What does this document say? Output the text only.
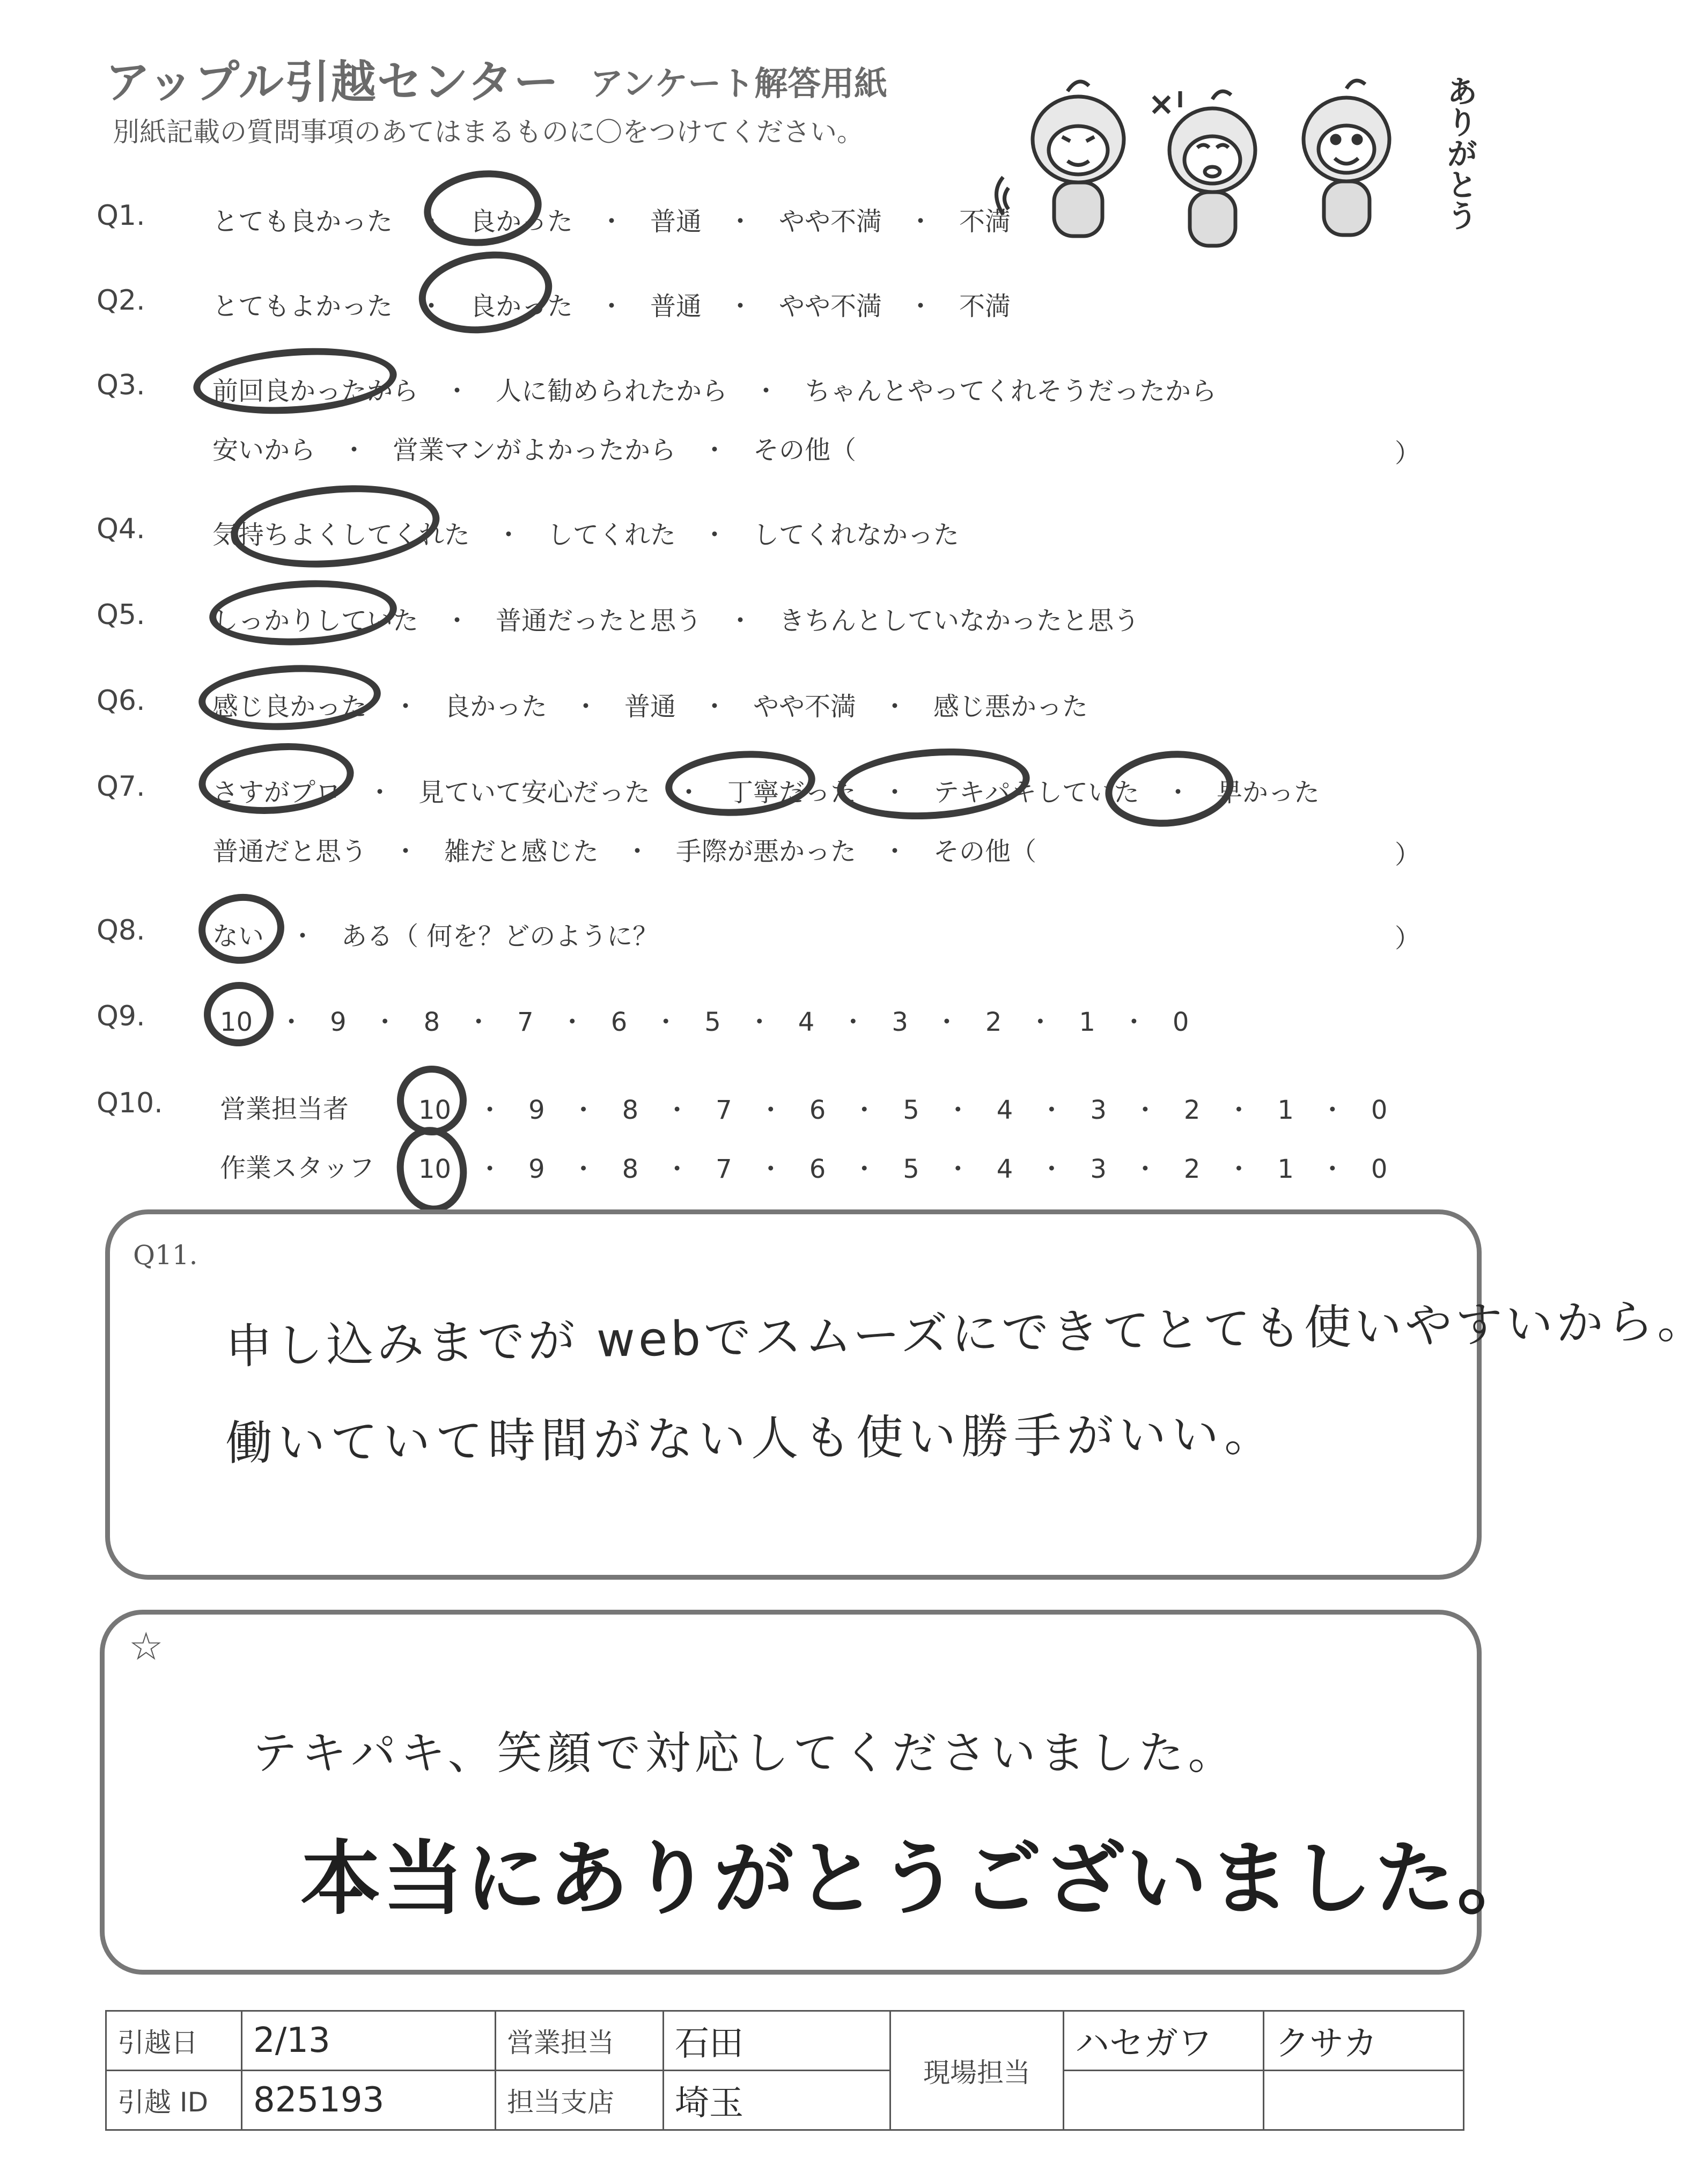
アップル引越センター アンケート解答用紙
別紙記載の質問事項のあてはまるものに〇をつけてください。	ありがとう
Q1.	とても良かった　・　良かった　・　普通　・　やや不満　・　不満
Q2.	とてもよかった　・　良かった　・　普通　・　やや不満　・　不満
Q3.	前回良かったから　・　人に勧められたから　・　ちゃんとやってくれそうだったから
安いから　・　営業マンがよかったから　・　その他（	）
Q4.	気持ちよくしてくれた　・　してくれた　・　してくれなかった
Q5.	しっかりしていた　・　普通だったと思う　・　きちんとしていなかったと思う
Q6.	感じ良かった　・　良かった　・　普通　・　やや不満　・　感じ悪かった
Q7.	さすがプロ　・　見ていて安心だった　・　丁寧だった　・　テキパキしていた　・　早かった
普通だと思う　・　雑だと感じた　・　手際が悪かった　・　その他（	）
Q8.	ない　・　ある（ 何を？どのように？	）
Q9.	10　・　9　・　8　・　7　・　6　・　5　・　4　・　3　・　2　・　1　・　0
Q10. 営業担当者	10　・　9　・　8　・　7　・　6　・　5　・　4　・　3　・　2　・　1　・　0
作業スタッフ 10　・　9　・　8　・　7　・　6　・　5　・　4　・　3　・　2　・　1　・　0
Q11.
申し込みまでが webでスムーズにできてとても使いやすいから。
働いていて時間がない人も使い勝手がいい。
☆
テキパキ、笑顔で対応してくださいました。
本当にありがとうございました。
引越日	2/13	営業担当	石田	現場担当	ハセガワ	クサカ
引越 ID	825193	担当支店	埼玉			
